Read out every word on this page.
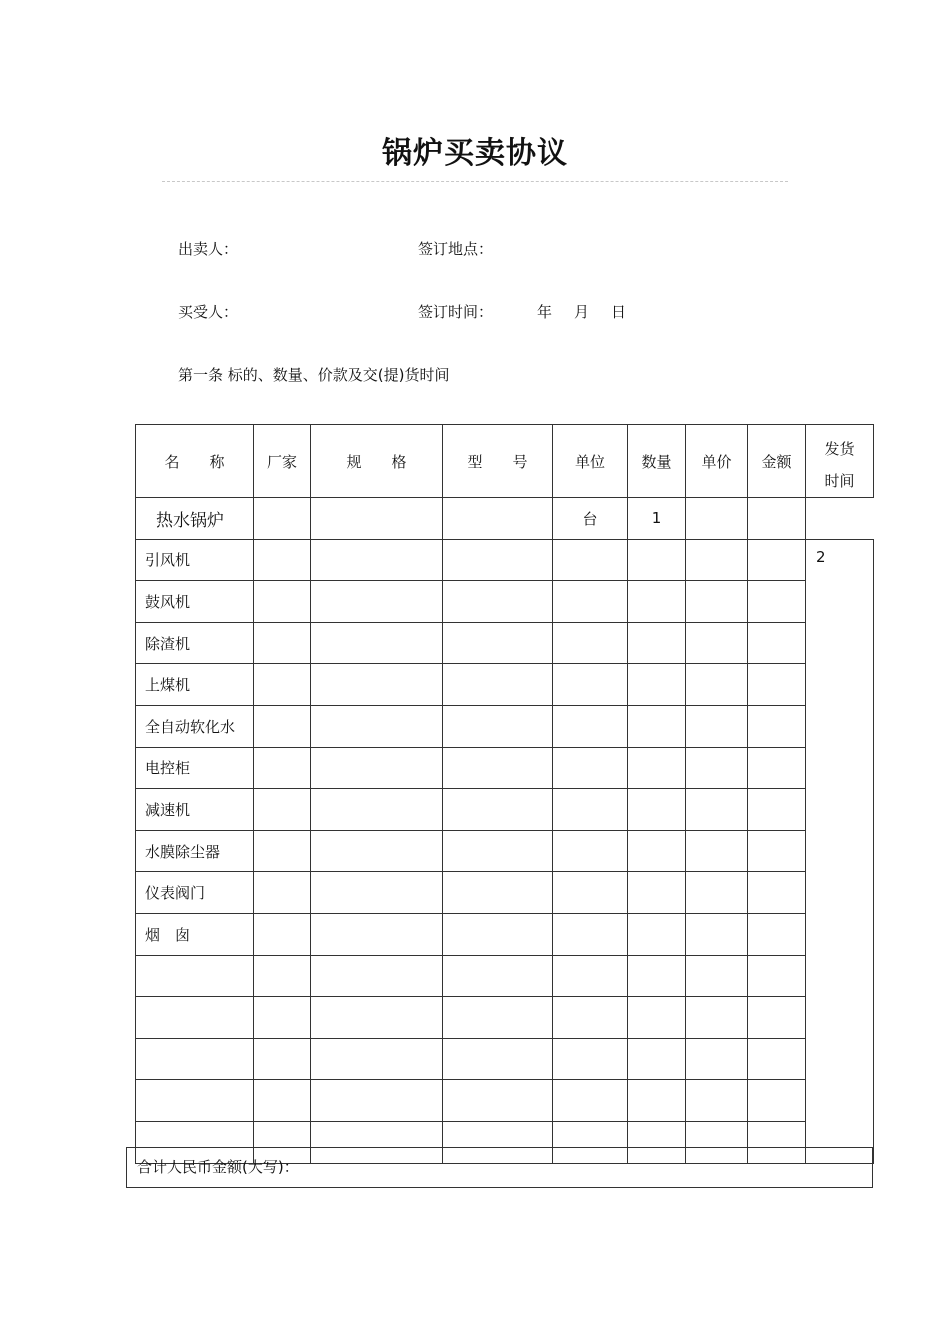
锅炉买卖协议
出卖人：	签订地点：
买受人：	签订时间：	年 月 日
第一条 标的、数量、价款及交(提)货时间
名　　称	厂家	规　　格	型　　号	单位	数量	单价	金额	发货
时间
热水锅炉				台	1			
引风机								2
鼓风机								
除渣机								
上煤机								
全自动软化水								
电控柜								
减速机								
水膜除尘器								
仪表阀门								
烟　囱								

合计人民币金额(大写)：
